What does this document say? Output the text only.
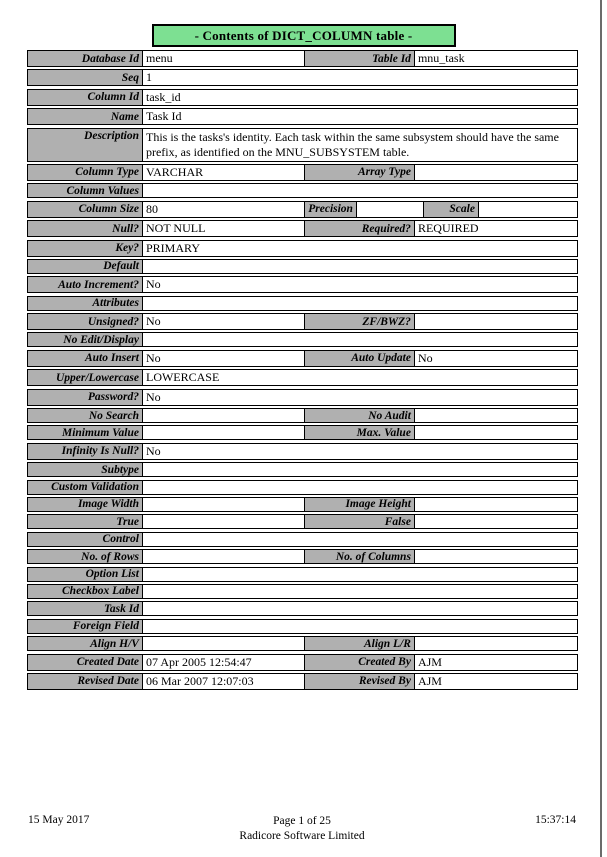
- Contents of DICT_COLUMN table -
Database Id menu	Table Id mnu_task
Seq 1
Column Id task_id
Name Task Id
Description This is the tasks's identity. Each task within the same subsystem should have the same prefix, as identified on the MNU_SUBSYSTEM table.
Column Type VARCHAR	Array Type
Column Values
Column Size 80	Precision	Scale
Null? NOT NULL	Required? REQUIRED
Key? PRIMARY
Default
Auto Increment? No
Attributes
Unsigned? No	ZF/BWZ?
No Edit/Display
Auto Insert No	Auto Update No
Upper/Lowercase LOWERCASE
Password? No
No Search	No Audit
Minimum Value	Max. Value
Infinity Is Null? No
Subtype
Custom Validation
Image Width	Image Height
True	False
Control
No. of Rows	No. of Columns
Option List
Checkbox Label
Task Id
Foreign Field
Align H/V	Align L/R
Created Date 07 Apr 2005 12:54:47	Created By AJM
Revised Date 06 Mar 2007 12:07:03	Revised By AJM
15 May 2017	Page 1 of 25
Radicore Software Limited
15:37:14
